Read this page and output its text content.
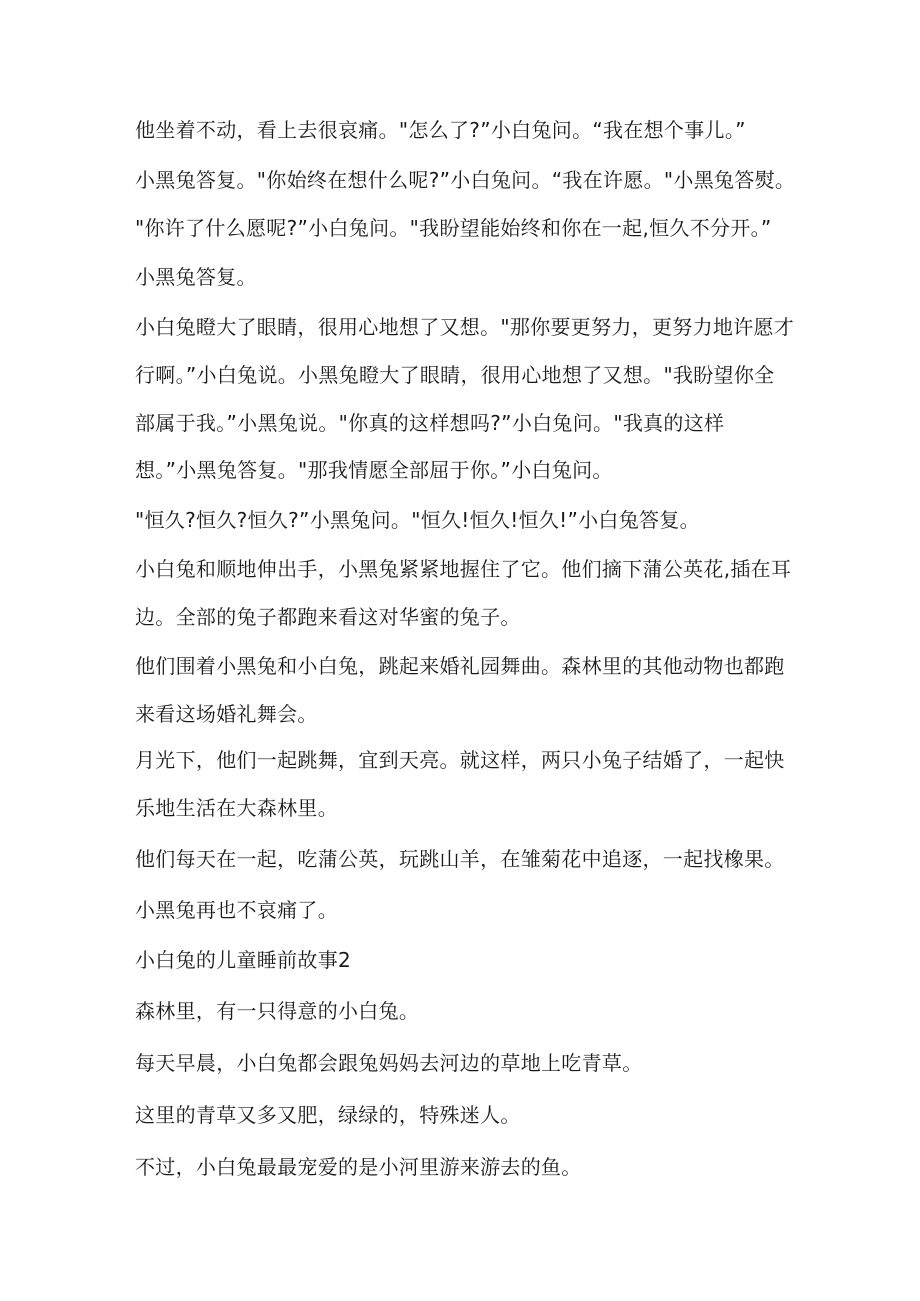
他坐着不动，看上去很哀痛。"怎么了?”小白兔问。“我在想个事儿。”

小黑兔答复。"你始终在想什么呢?”小白兔问。“我在许愿。"小黑兔答熨。

"你许了什么愿呢?”小白兔问。"我盼望能始终和你在一起,恒久不分开。”

小黑兔答复。

小白兔瞪大了眼睛，很用心地想了又想。"那你要更努力，更努力地许愿才

行啊。”小白兔说。小黑兔瞪大了眼睛，很用心地想了又想。"我盼望你全

部属于我。”小黑兔说。"你真的这样想吗?”小白兔问。"我真的这样

想。”小黑兔答复。"那我情愿全部屈于你。”小白兔问。

"恒久?恒久?恒久?”小黑兔问。"恒久!恒久!恒久!”小白兔答复。

小白兔和顺地伸出手，小黑兔紧紧地握住了它。他们摘下蒲公英花,插在耳

边。全部的兔子都跑来看这对华蜜的兔子。

他们围着小黑兔和小白兔，跳起来婚礼园舞曲。森林里的其他动物也都跑

来看这场婚礼舞会。

月光下，他们一起跳舞，宜到天亮。就这样，两只小兔子结婚了，一起快

乐地生活在大森林里。

他们每天在一起，吃蒲公英，玩跳山羊，在雏菊花中追逐，一起找橡果。

小黑兔再也不哀痛了。

小白兔的儿童睡前故事2

森林里，有一只得意的小白兔。

每天早晨，小白兔都会跟兔妈妈去河边的草地上吃青草。

这里的青草又多又肥，绿绿的，特殊迷人。

不过，小白兔最最宠爱的是小河里游来游去的鱼。
